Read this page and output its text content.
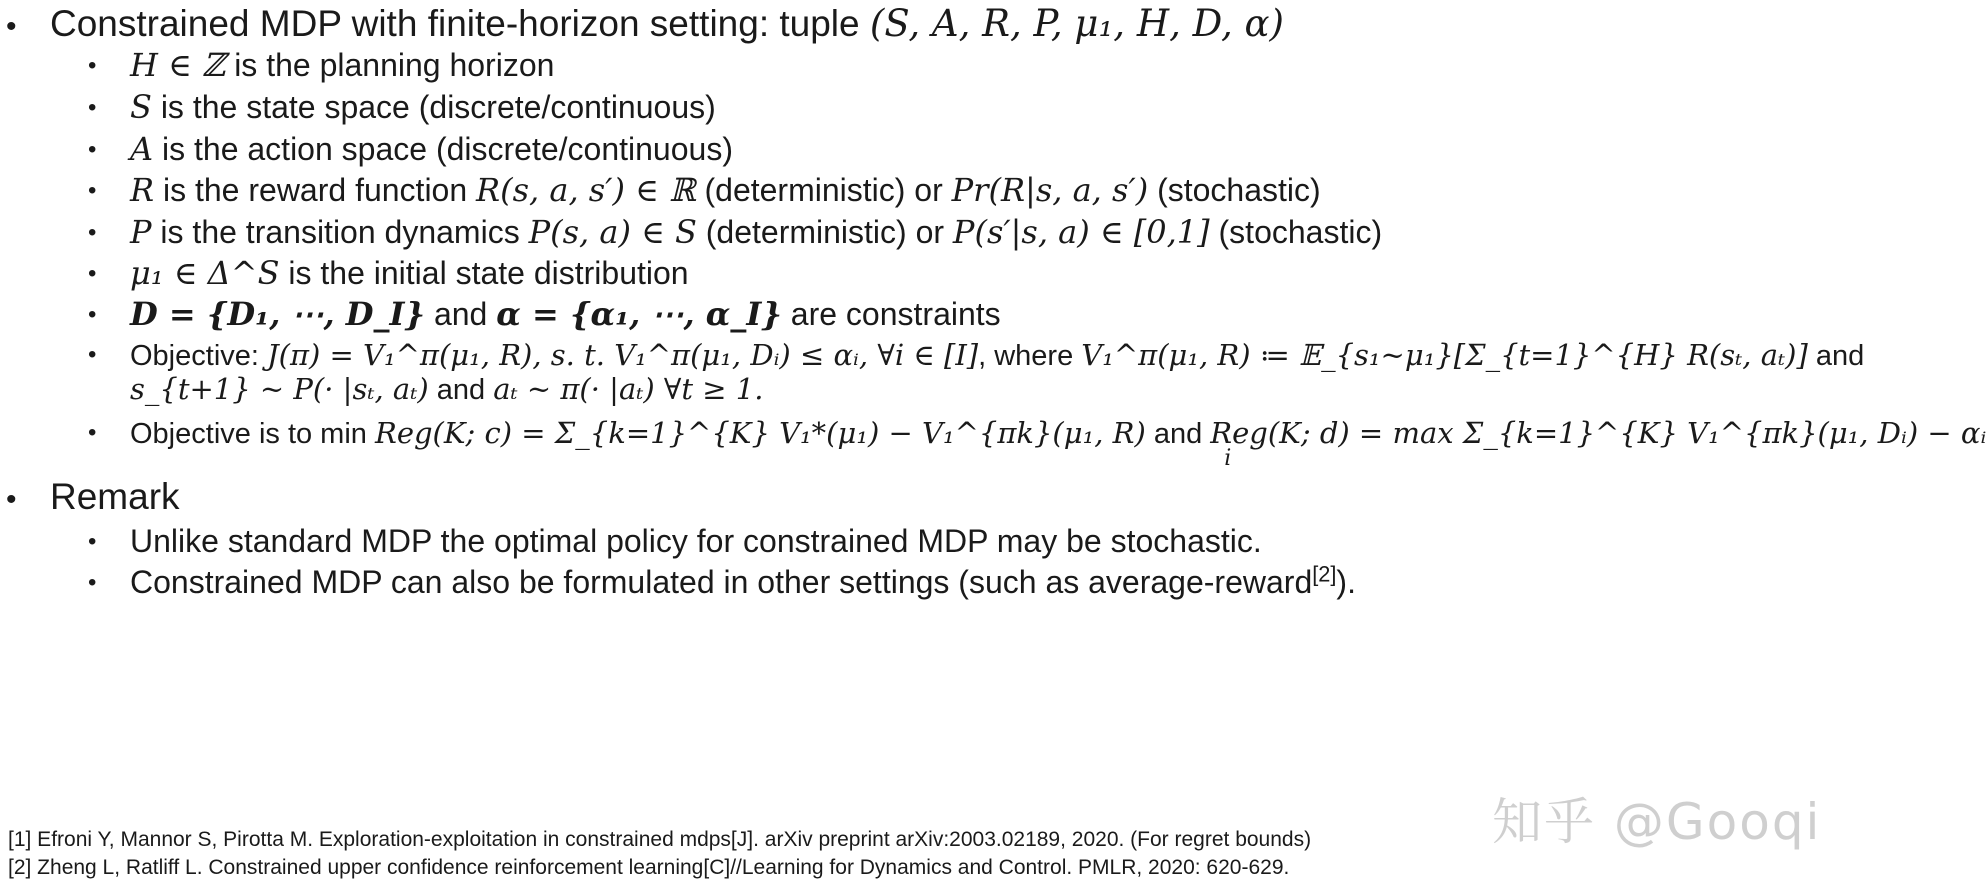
• Constrained MDP with finite-horizon setting: tuple (S, A, R, P, μ₁, H, D, α)
• H ∈ ℤ is the planning horizon
• S is the state space (discrete/continuous)
• A is the action space (discrete/continuous)
• R is the reward function R(s, a, s′) ∈ ℝ (deterministic) or Pr(R|s, a, s′) (stochastic)
• P is the transition dynamics P(s, a) ∈ S (deterministic) or P(s′|s, a) ∈ [0,1] (stochastic)
• μ₁ ∈ Δ^S is the initial state distribution
• D = {D₁, ⋯, D_I} and α = {α₁, ⋯, α_I} are constraints
• Objective: J(π) = V₁^π(μ₁, R), s. t. V₁^π(μ₁, Dᵢ) ≤ αᵢ, ∀i ∈ [I], where V₁^π(μ₁, R) ≔ 𝔼_{s₁~μ₁}[Σ_{t=1}^{H} R(sₜ, aₜ)] and
s_{t+1} ~ P(· |sₜ, aₜ) and aₜ ~ π(· |aₜ) ∀t ≥ 1.
• Objective is to min Reg(K; c) = Σ_{k=1}^{K} V₁*(μ₁) − V₁^{πk}(μ₁, R) and Reg(K; d) = max
i
Σ_{k=1}^{K} V₁^{πk}(μ₁, Dᵢ) − αᵢ
• Remark
• Unlike standard MDP the optimal policy for constrained MDP may be stochastic.
• Constrained MDP can also be formulated in other settings (such as average-reward[2]).
知乎 @Gooqi
[1] Efroni Y, Mannor S, Pirotta M. Exploration-exploitation in constrained mdps[J]. arXiv preprint arXiv:2003.02189, 2020. (For regret bounds)
[2] Zheng L, Ratliff L. Constrained upper confidence reinforcement learning[C]//Learning for Dynamics and Control. PMLR, 2020: 620-629.
